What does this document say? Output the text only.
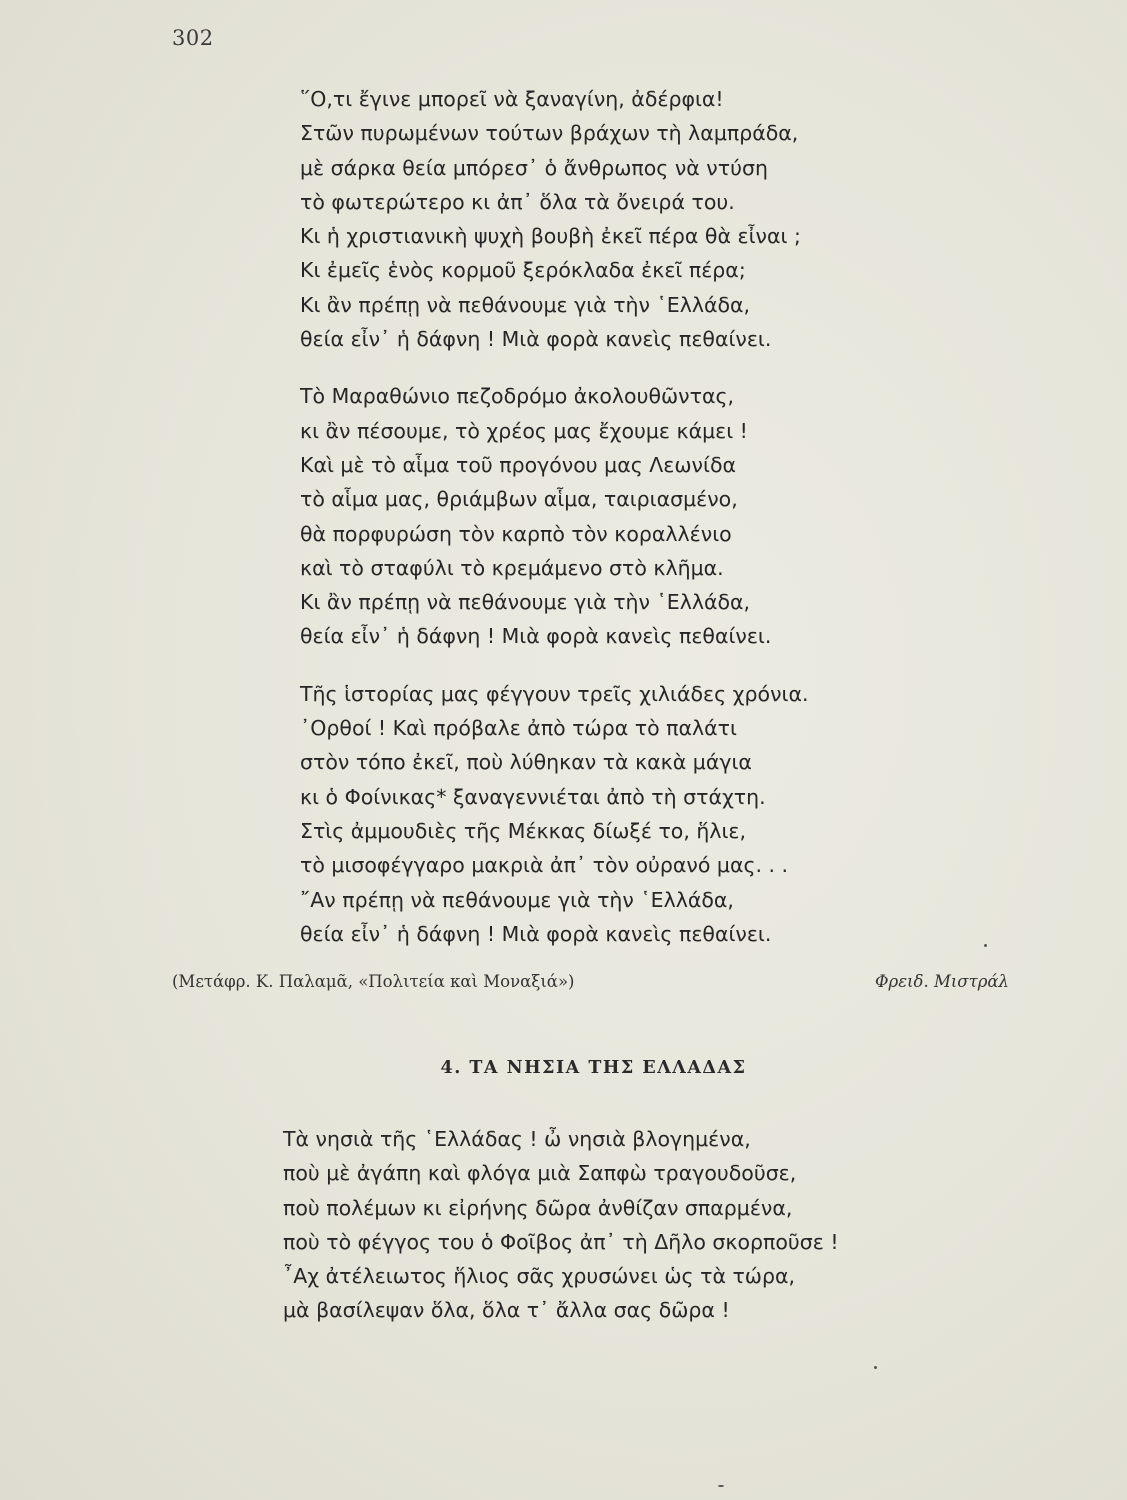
302
῞Ο,τι ἔγινε μπορεῖ νὰ ξαναγίνη, ἀδέρφια!
Στῶν πυρωμένων τούτων βράχων τὴ λαμπράδα,
μὲ σάρκα θεία μπόρεσ᾽ ὁ ἄνθρωπος νὰ ντύση
τὸ φωτερώτερο κι ἀπ᾽ ὅλα τὰ ὄνειρά του.
Κι ἡ χριστιανικὴ ψυχὴ βουβὴ ἐκεῖ πέρα θὰ εἶναι ;
Κι ἐμεῖς ἑνὸς κορμοῦ ξερόκλαδα ἐκεῖ πέρα;
Κι ἂν πρέπῃ νὰ πεθάνουμε γιὰ τὴν ῾Ελλάδα,
θεία εἶν᾽ ἡ δάφνη ! Μιὰ φορὰ κανεὶς πεθαίνει.
Τὸ Μαραθώνιο πεζοδρόμο ἀκολουθῶντας,
κι ἂν πέσουμε, τὸ χρέος μας ἔχουμε κάμει !
Καὶ μὲ τὸ αἷμα τοῦ προγόνου μας Λεωνίδα
τὸ αἷμα μας, θριάμβων αἷμα, ταιριασμένο,
θὰ πορφυρώση τὸν καρπὸ τὸν κοραλλένιο
καὶ τὸ σταφύλι τὸ κρεμάμενο στὸ κλῆμα.
Κι ἂν πρέπῃ νὰ πεθάνουμε γιὰ τὴν ῾Ελλάδα,
θεία εἶν᾽ ἡ δάφνη ! Μιὰ φορὰ κανεὶς πεθαίνει.
Τῆς ἱστορίας μας φέγγουν τρεῖς χιλιάδες χρόνια.
᾽Ορθοί ! Καὶ πρόβαλε ἀπὸ τώρα τὸ παλάτι
στὸν τόπο ἐκεῖ, ποὺ λύθηκαν τὰ κακὰ μάγια
κι ὁ Φοίνικας* ξαναγεννιέται ἀπὸ τὴ στάχτη.
Στὶς ἀμμουδιὲς τῆς Μέκκας δίωξέ το, ἥλιε,
τὸ μισοφέγγαρο μακριὰ ἀπ᾽ τὸν οὐρανό μας. . .
῎Αν πρέπῃ νὰ πεθάνουμε γιὰ τὴν ῾Ελλάδα,
θεία εἶν᾽ ἡ δάφνη ! Μιὰ φορὰ κανεὶς πεθαίνει.
(Μετάφρ. Κ. Παλαμᾶ, «Πολιτεία καὶ Μοναξιά»)	Φρειδ. Μιστράλ
4. ΤΑ ΝΗΣΙΑ ΤΗΣ ΕΛΛΑΔΑΣ
Τὰ νησιὰ τῆς ῾Ελλάδας ! ὦ νησιὰ βλογημένα,
ποὺ μὲ ἀγάπη καὶ φλόγα μιὰ Σαπφὼ τραγουδοῦσε,
ποὺ πολέμων κι εἰρήνης δῶρα ἀνθίζαν σπαρμένα,
ποὺ τὸ φέγγος του ὁ Φοῖβος ἀπ᾽ τὴ Δῆλο σκορποῦσε !
῏Αχ ἀτέλειωτος ἥλιος σᾶς χρυσώνει ὡς τὰ τώρα,
μὰ βασίλεψαν ὅλα, ὅλα τ᾽ ἄλλα σας δῶρα !
